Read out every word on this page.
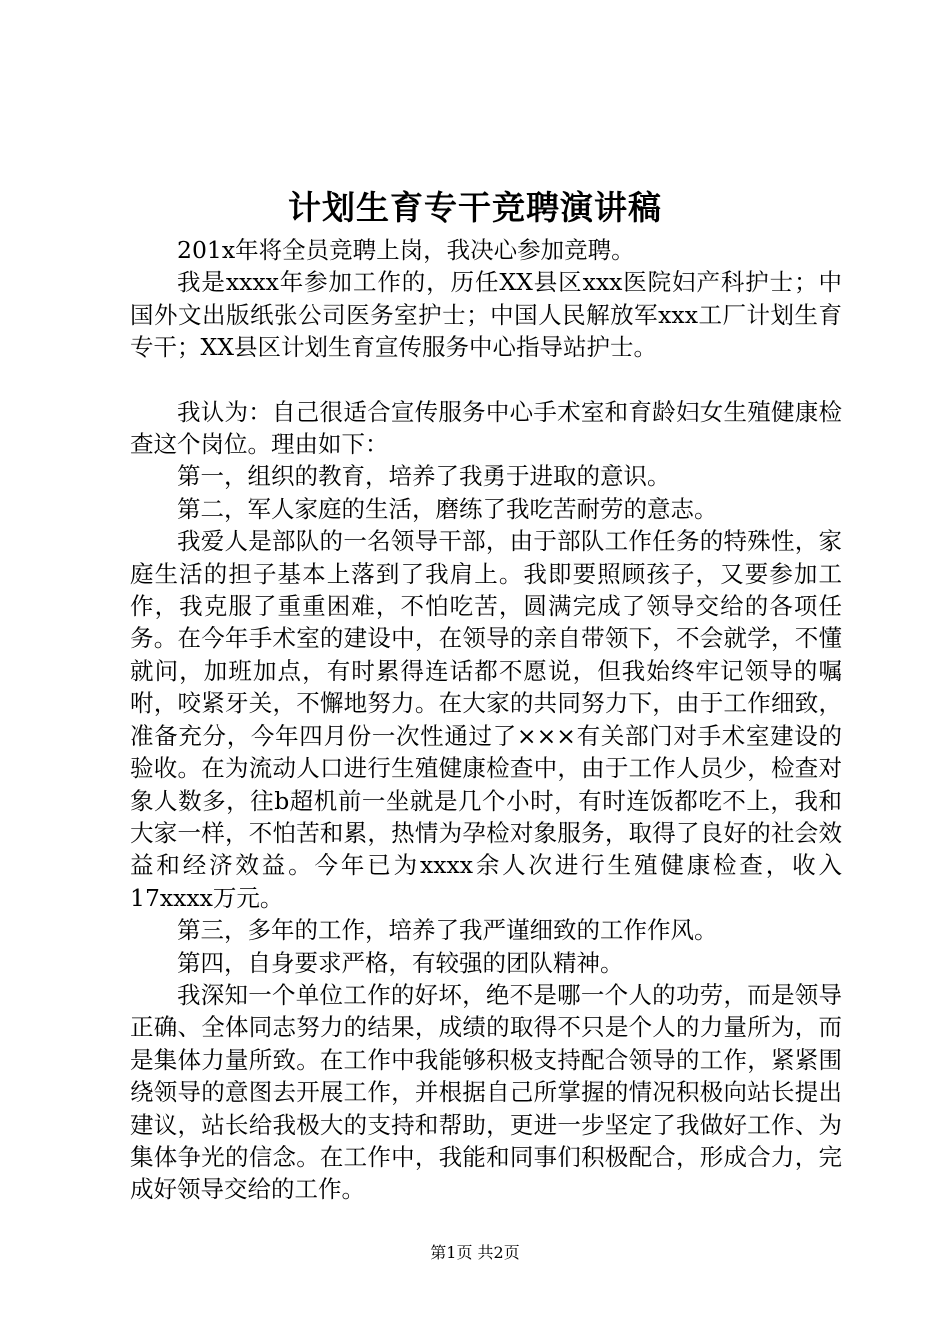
计划生育专干竞聘演讲稿

201x年将全员竞聘上岗，我决心参加竞聘。

我是xxxx年参加工作的，历任XX县区xxx医院妇产科护士；中国外文出版纸张公司医务室护士；中国人民解放军xxx工厂计划生育专干；XX县区计划生育宣传服务中心指导站护士。

我认为：自己很适合宣传服务中心手术室和育龄妇女生殖健康检查这个岗位。理由如下：

第一，组织的教育，培养了我勇于进取的意识。

第二，军人家庭的生活，磨练了我吃苦耐劳的意志。

我爱人是部队的一名领导干部，由于部队工作任务的特殊性，家庭生活的担子基本上落到了我肩上。我即要照顾孩子，又要参加工作，我克服了重重困难，不怕吃苦，圆满完成了领导交给的各项任务。在今年手术室的建设中，在领导的亲自带领下，不会就学，不懂就问，加班加点，有时累得连话都不愿说，但我始终牢记领导的嘱咐，咬紧牙关，不懈地努力。在大家的共同努力下，由于工作细致，准备充分，今年四月份一次性通过了×××有关部门对手术室建设的验收。在为流动人口进行生殖健康检查中，由于工作人员少，检查对象人数多，往b超机前一坐就是几个小时，有时连饭都吃不上，我和大家一样，不怕苦和累，热情为孕检对象服务，取得了良好的社会效益和经济效益。今年已为xxxx余人次进行生殖健康检查，收入17xxxx万元。

第三，多年的工作，培养了我严谨细致的工作作风。

第四，自身要求严格，有较强的团队精神。

我深知一个单位工作的好坏，绝不是哪一个人的功劳，而是领导正确、全体同志努力的结果，成绩的取得不只是个人的力量所为，而是集体力量所致。在工作中我能够积极支持配合领导的工作，紧紧围绕领导的意图去开展工作，并根据自己所掌握的情况积极向站长提出建议，站长给我极大的支持和帮助，更进一步坚定了我做好工作、为集体争光的信念。在工作中，我能和同事们积极配合，形成合力，完成好领导交给的工作。

第1页 共2页
